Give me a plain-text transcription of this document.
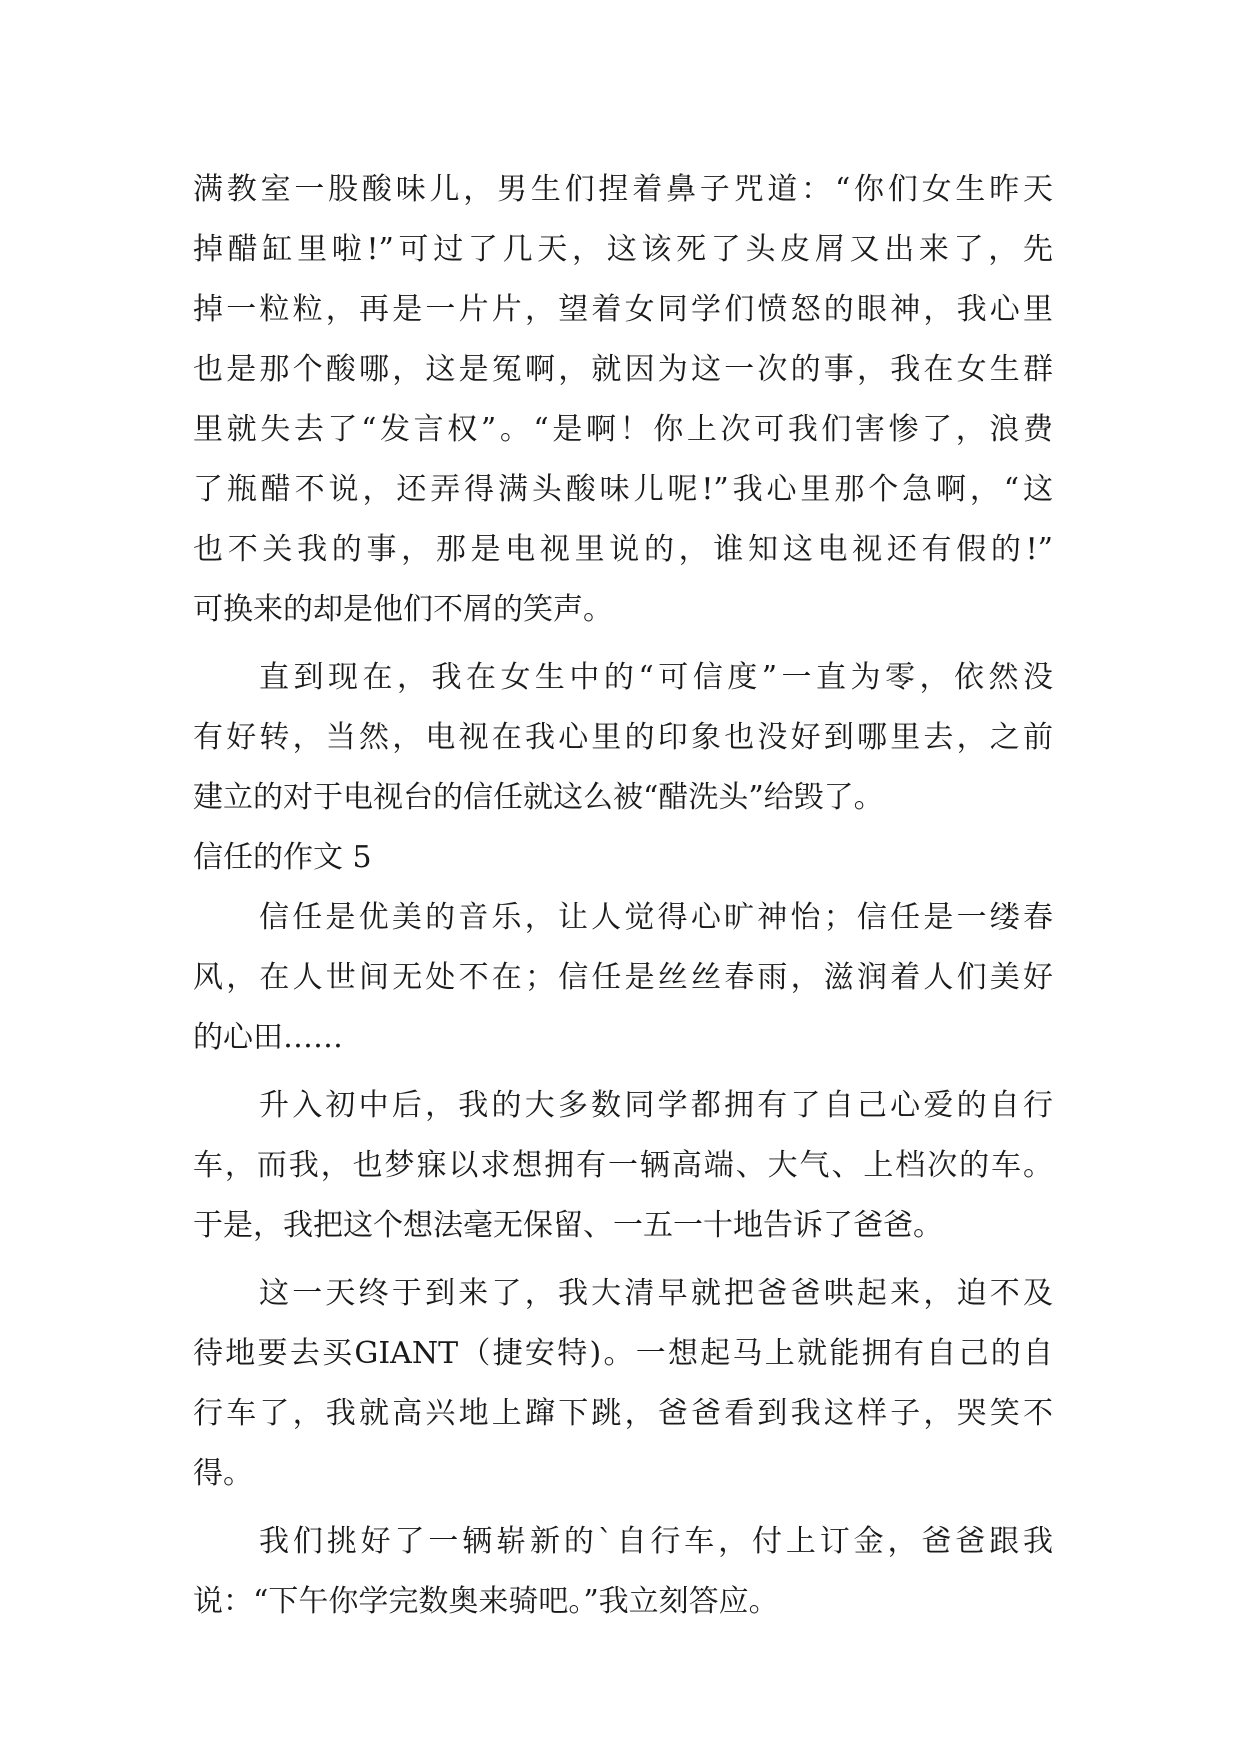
满教室一股酸味儿，男生们捏着鼻子咒道：“你们女生昨天
掉醋缸里啦!”可过了几天，这该死了头皮屑又出来了，先
掉一粒粒，再是一片片，望着女同学们愤怒的眼神，我心里
也是那个酸哪，这是冤啊，就因为这一次的事，我在女生群
里就失去了“发言权”。“是啊！你上次可我们害惨了，浪费
了瓶醋不说，还弄得满头酸味儿呢!”我心里那个急啊，“这
也不关我的事，那是电视里说的，谁知这电视还有假的!”
可换来的却是他们不屑的笑声。
直到现在，我在女生中的“可信度”一直为零，依然没
有好转，当然，电视在我心里的印象也没好到哪里去，之前
建立的对于电视台的信任就这么被“醋洗头”给毁了。
信任的作文 5
信任是优美的音乐，让人觉得心旷神怡；信任是一缕春
风，在人世间无处不在；信任是丝丝春雨，滋润着人们美好
的心田……
升入初中后，我的大多数同学都拥有了自己心爱的自行
车，而我，也梦寐以求想拥有一辆高端、大气、上档次的车。
于是，我把这个想法毫无保留、一五一十地告诉了爸爸。
这一天终于到来了，我大清早就把爸爸哄起来，迫不及
待地要去买GIANT（捷安特)。一想起马上就能拥有自己的自
行车了，我就高兴地上蹿下跳，爸爸看到我这样子，哭笑不
得。
我们挑好了一辆崭新的`自行车，付上订金，爸爸跟我
说：“下午你学完数奥来骑吧。”我立刻答应。
